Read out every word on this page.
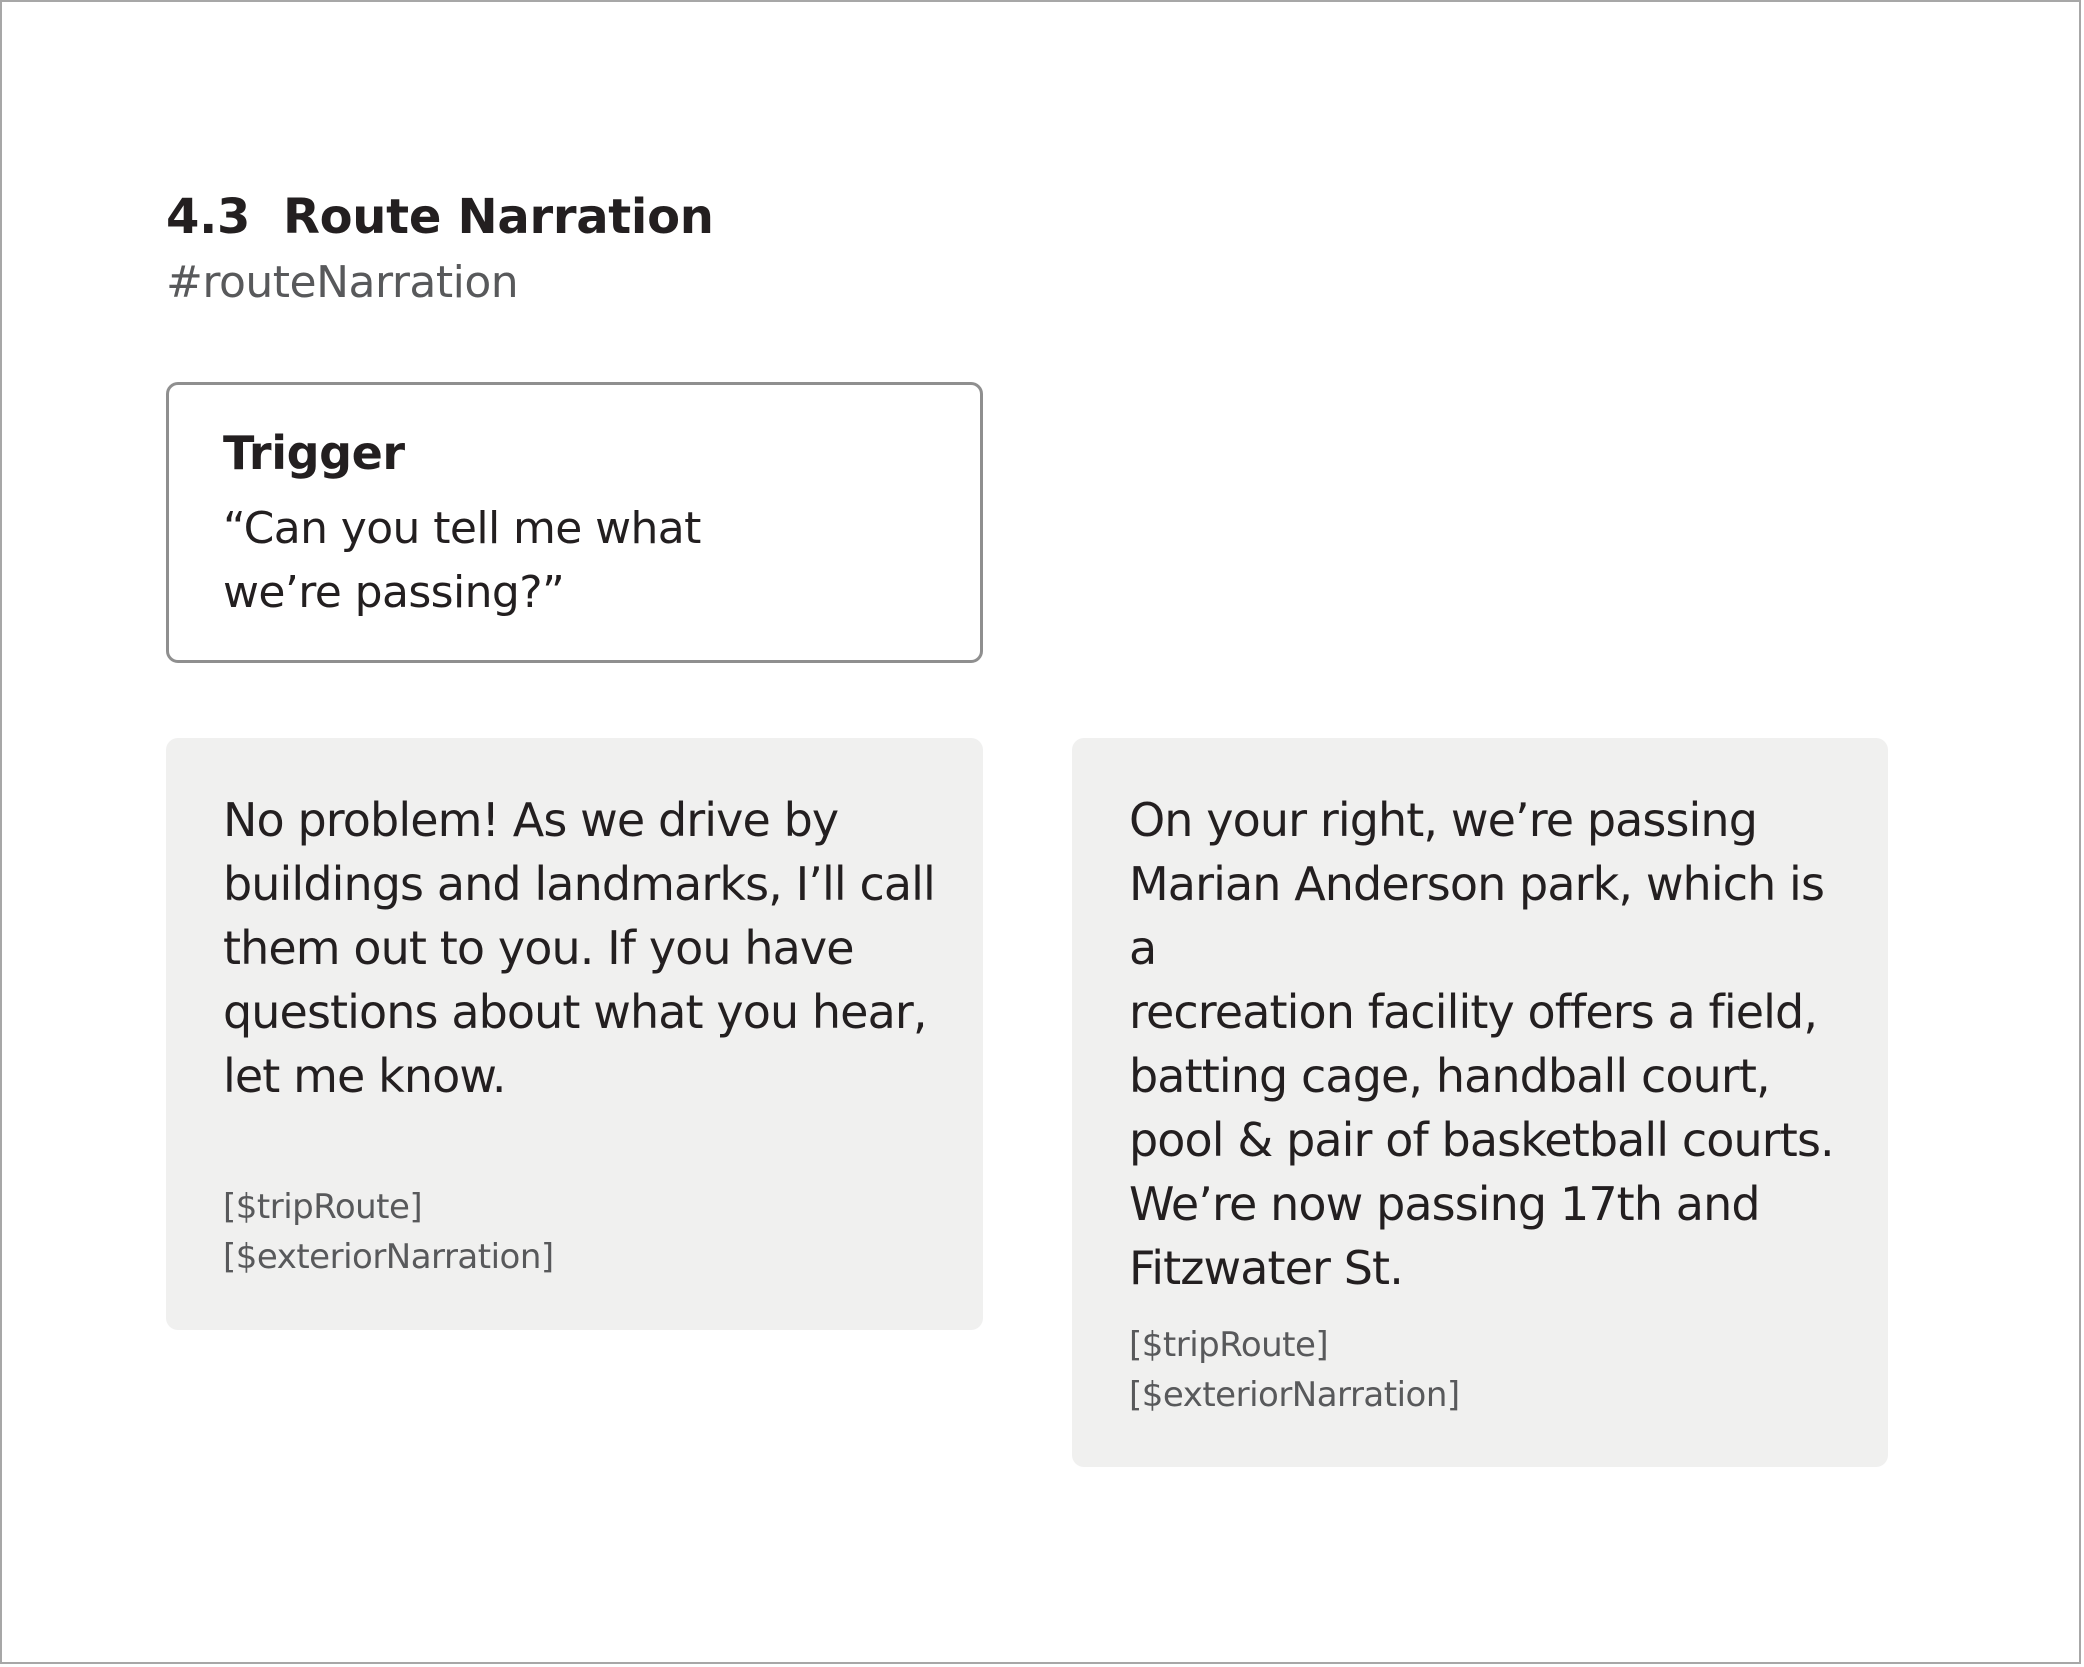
4.3 Route Narration
#routeNarration
Trigger
“Can you tell me what
we’re passing?”
No problem! As we drive by
buildings and landmarks, I’ll call
them out to you. If you have
questions about what you hear,
let me know.
[$tripRoute]
[$exteriorNarration]
On your right, we’re passing
Marian Anderson park, which is a
recreation facility offers a field,
batting cage, handball court,
pool & pair of basketball courts.
We’re now passing 17th and
Fitzwater St.
[$tripRoute]
[$exteriorNarration]
